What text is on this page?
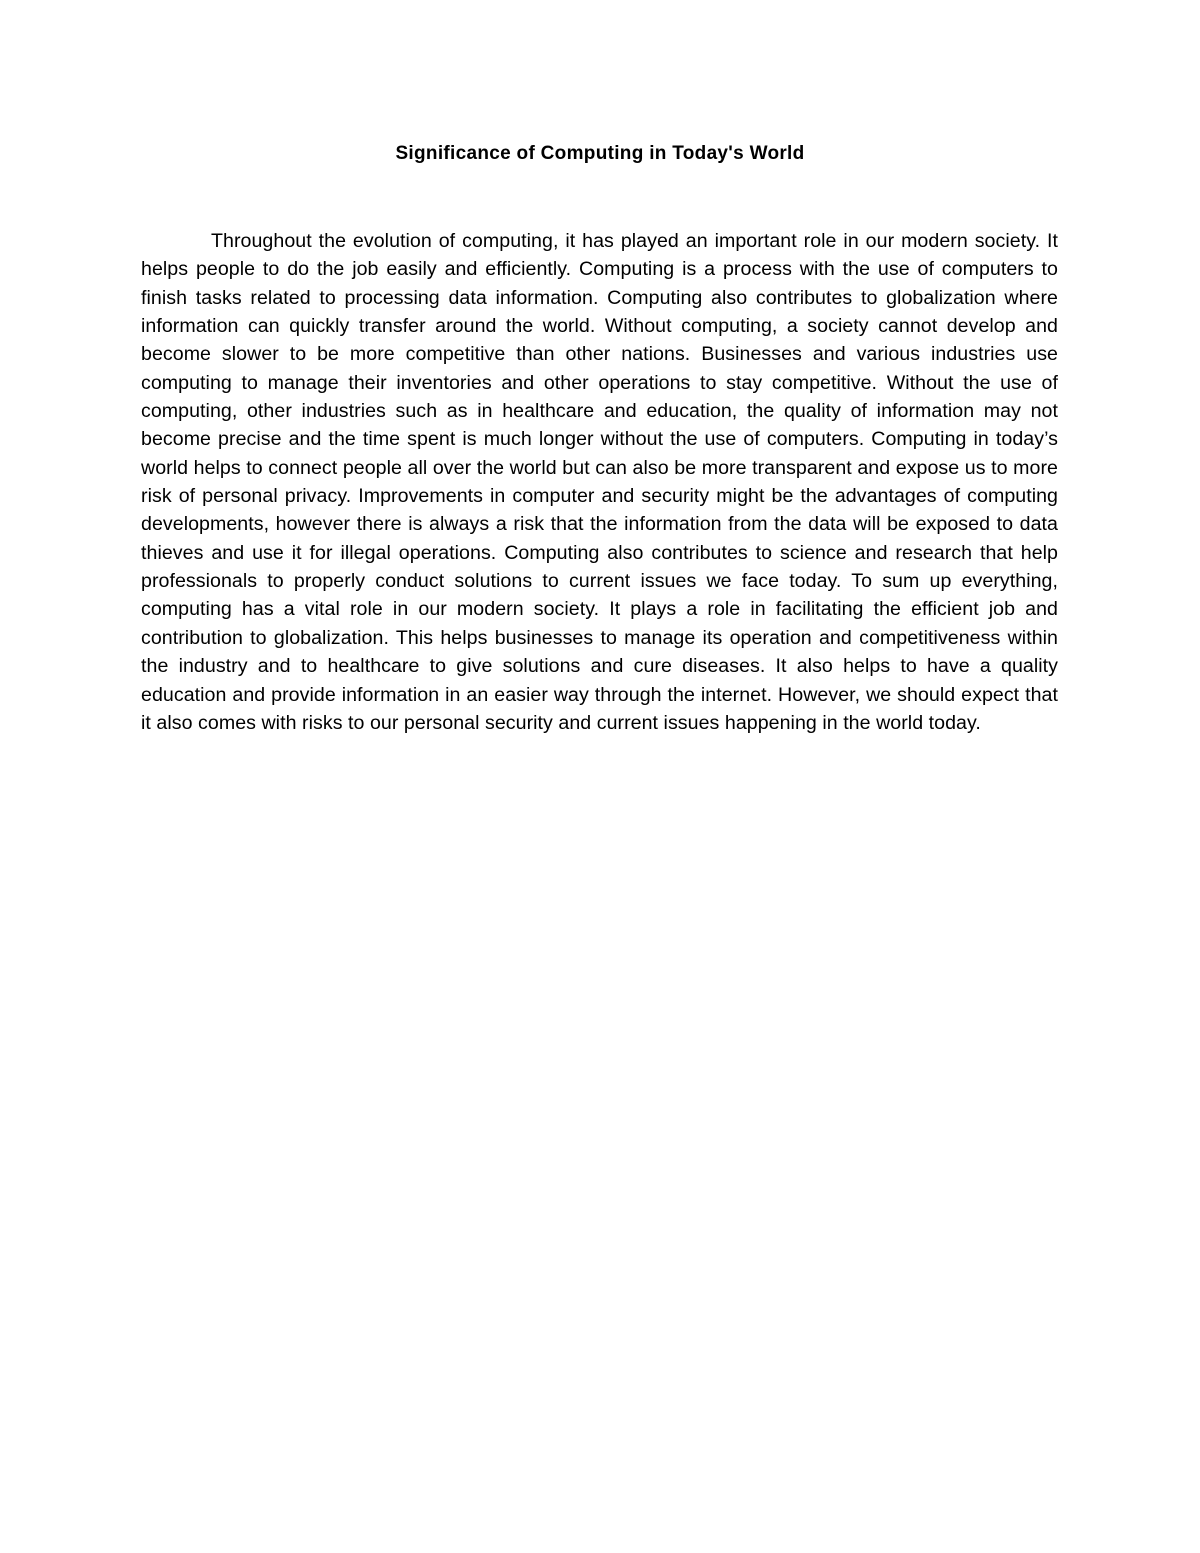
Significance of Computing in Today's World

Throughout the evolution of computing, it has played an important role in our modern society. It helps people to do the job easily and efficiently. Computing is a process with the use of computers to finish tasks related to processing data information. Computing also contributes to globalization where information can quickly transfer around the world. Without computing, a society cannot develop and become slower to be more competitive than other nations. Businesses and various industries use computing to manage their inventories and other operations to stay competitive. Without the use of computing, other industries such as in healthcare and education, the quality of information may not become precise and the time spent is much longer without the use of computers. Computing in today’s world helps to connect people all over the world but can also be more transparent and expose us to more risk of personal privacy. Improvements in computer and security might be the advantages of computing developments, however there is always a risk that the information from the data will be exposed to data thieves and use it for illegal operations. Computing also contributes to science and research that help professionals to properly conduct solutions to current issues we face today. To sum up everything, computing has a vital role in our modern society. It plays a role in facilitating the efficient job and contribution to globalization. This helps businesses to manage its operation and competitiveness within the industry and to healthcare to give solutions and cure diseases. It also helps to have a quality education and provide information in an easier way through the internet. However, we should expect that it also comes with risks to our personal security and current issues happening in the world today.
